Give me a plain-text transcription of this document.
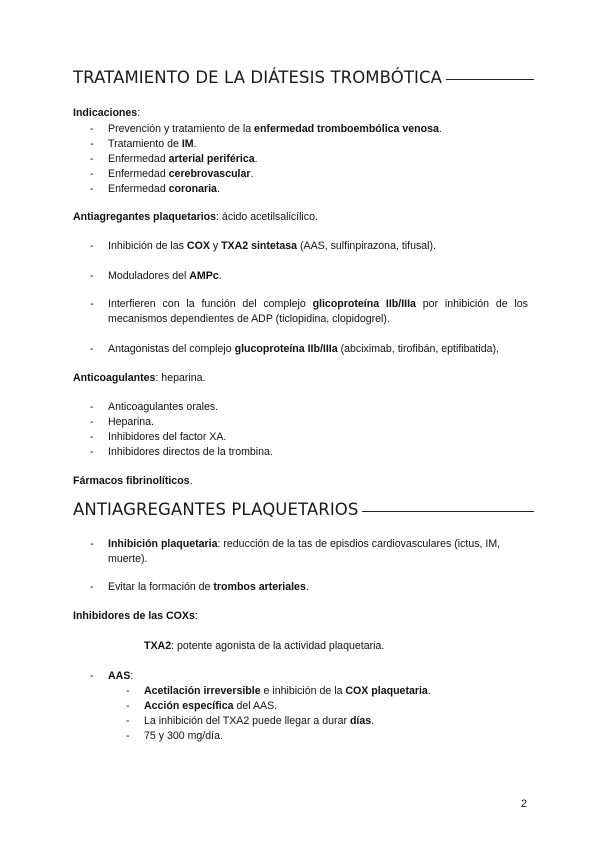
TRATAMIENTO DE LA DIÁTESIS TROMBÓTICA
Indicaciones:
- Prevención y tratamiento de la enfermedad tromboembólica venosa.
- Tratamiento de IM.
- Enfermedad arterial periférica.
- Enfermedad cerebrovascular.
- Enfermedad coronaria.
Antiagregantes plaquetarios: ácido acetilsalicílico.
- Inhibición de las COX y TXA2 sintetasa (AAS, sulfinpirazona, tifusal).
- Moduladores del AMPc.
- Interfieren con la función del complejo glicoproteína IIb/IIIa por inhibición de los mecanismos dependientes de ADP (ticlopidina, clopidogrel).
- Antagonistas del complejo glucoproteína IIb/IIIa (abciximab, tirofibán, eptifibatida),
Anticoagulantes: heparina.
- Anticoagulantes orales.
- Heparina.
- Inhibidores del factor XA.
- Inhibidores directos de la trombina.
Fármacos fibrinolíticos.
ANTIAGREGANTES PLAQUETARIOS
- Inhibición plaquetaria: reducción de la tas de episdios cardiovasculares (ictus, IM, muerte).
- Evitar la formación de trombos arteriales.
Inhibidores de las COXs:
TXA2: potente agonista de la actividad plaquetaria.
- AAS:
- Acetilación irreversible e inhibición de la COX plaquetaria.
- Acción específica del AAS.
- La inhibición del TXA2 puede llegar a durar días.
- 75 y 300 mg/día.
2
